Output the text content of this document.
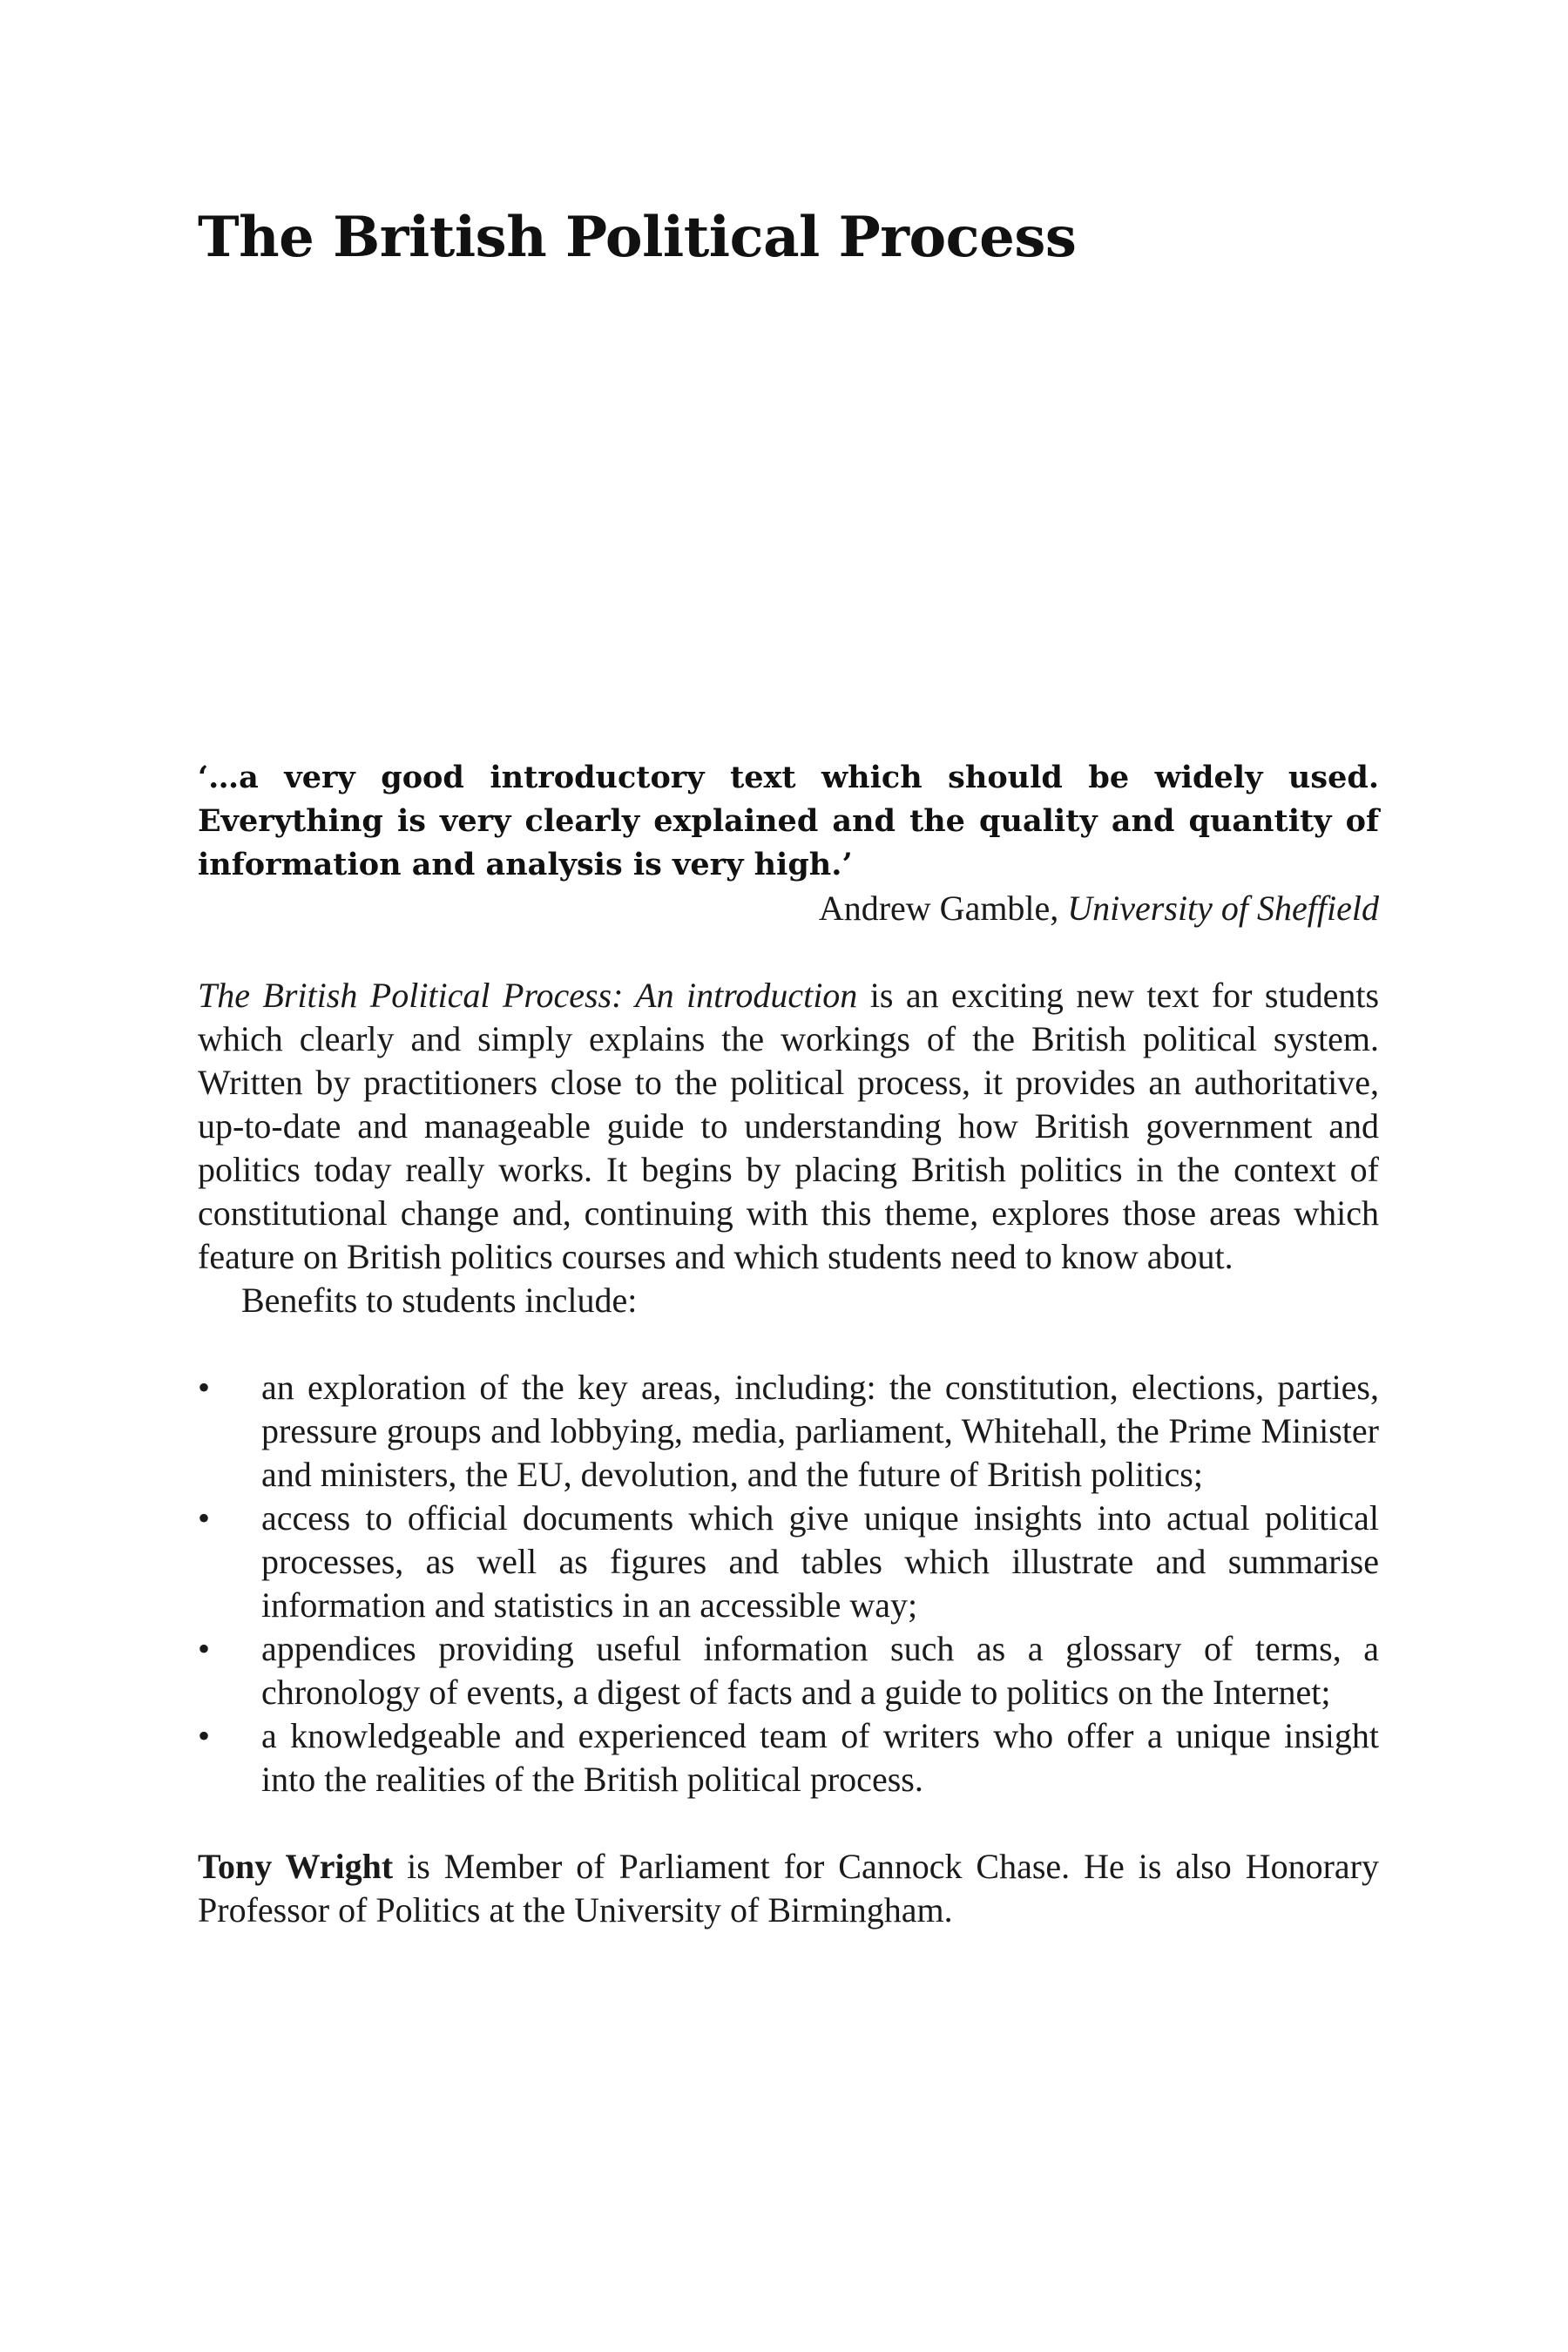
The British Political Process

‘…a very good introductory text which should be widely used. Everything is very clearly explained and the quality and quantity of information and analysis is very high.’

Andrew Gamble, University of Sheffield

The British Political Process: An introduction is an exciting new text for students which clearly and simply explains the workings of the British political system. Written by practitioners close to the political process, it provides an authoritative, up-to-date and manageable guide to understanding how British government and politics today really works. It begins by placing British politics in the context of constitutional change and, continuing with this theme, explores those areas which feature on British politics courses and which students need to know about.

Benefits to students include:

•	an exploration of the key areas, including: the constitution, elections, parties, pressure groups and lobbying, media, parliament, Whitehall, the Prime Minister and ministers, the EU, devolution, and the future of British politics;
•	access to official documents which give unique insights into actual political processes, as well as figures and tables which illustrate and summarise information and statistics in an accessible way;
•	appendices providing useful information such as a glossary of terms, a chronology of events, a digest of facts and a guide to politics on the Internet;
•	a knowledgeable and experienced team of writers who offer a unique insight into the realities of the British political process.

Tony Wright is Member of Parliament for Cannock Chase. He is also Honorary Professor of Politics at the University of Birmingham.
